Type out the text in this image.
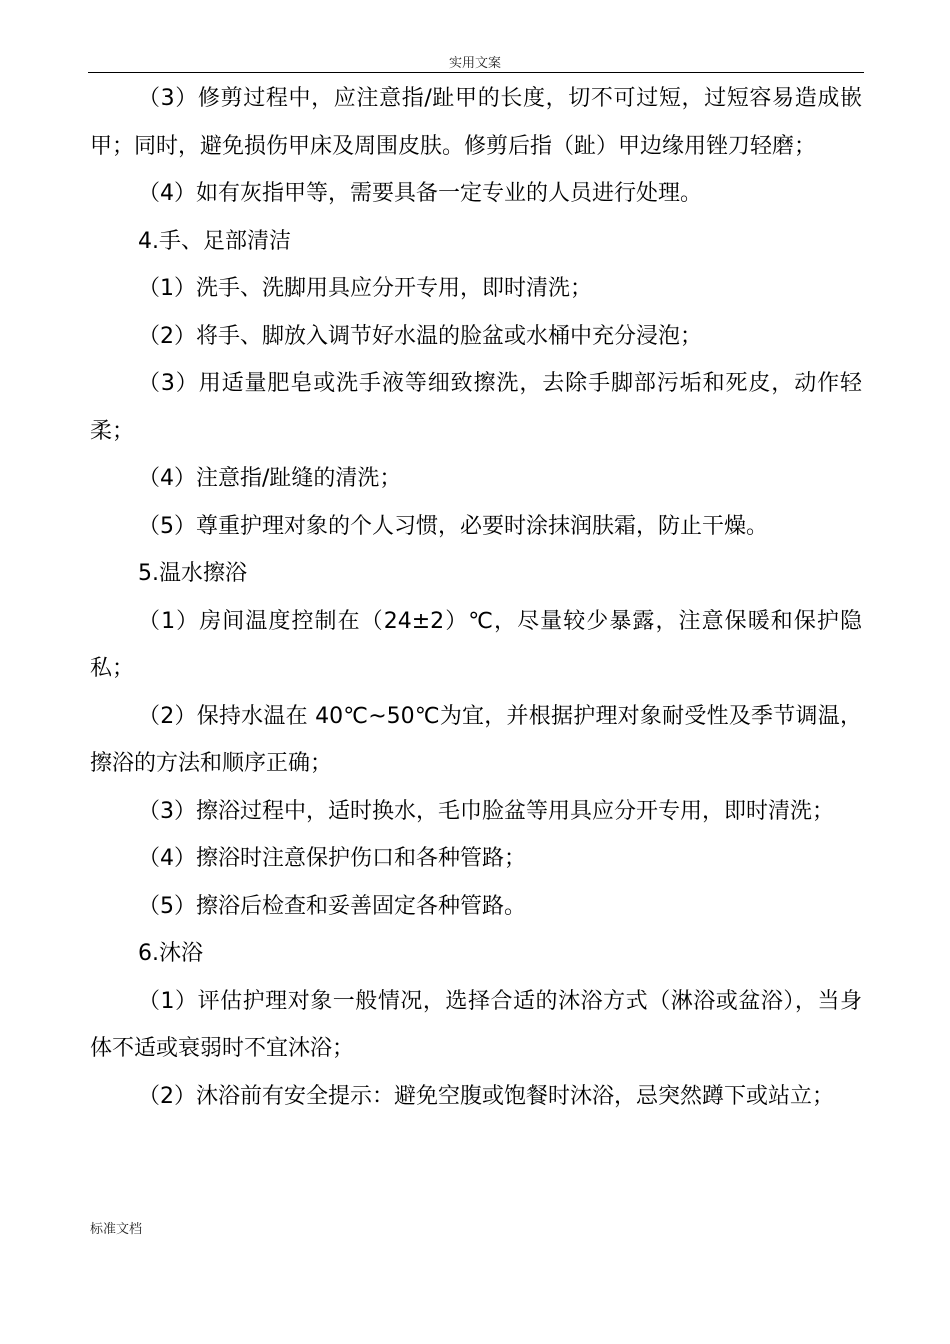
实用文案

（3）修剪过程中，应注意指/趾甲的长度，切不可过短，过短容易造成嵌甲；同时，避免损伤甲床及周围皮肤。修剪后指（趾）甲边缘用锉刀轻磨；

（4）如有灰指甲等，需要具备一定专业的人员进行处理。

4.手、足部清洁

（1）洗手、洗脚用具应分开专用，即时清洗；

（2）将手、脚放入调节好水温的脸盆或水桶中充分浸泡；

（3）用适量肥皂或洗手液等细致擦洗，去除手脚部污垢和死皮，动作轻柔；

（4）注意指/趾缝的清洗；

（5）尊重护理对象的个人习惯，必要时涂抹润肤霜，防止干燥。

5.温水擦浴

（1）房间温度控制在（24±2）℃，尽量较少暴露，注意保暖和保护隐私；

（2）保持水温在 40℃~50℃为宜，并根据护理对象耐受性及季节调温，擦浴的方法和顺序正确；

（3）擦浴过程中，适时换水，毛巾脸盆等用具应分开专用，即时清洗；

（4）擦浴时注意保护伤口和各种管路；

（5）擦浴后检查和妥善固定各种管路。

6.沐浴

（1）评估护理对象一般情况，选择合适的沐浴方式（淋浴或盆浴），当身体不适或衰弱时不宜沐浴；

（2）沐浴前有安全提示：避免空腹或饱餐时沐浴，忌突然蹲下或站立；

标准文档
